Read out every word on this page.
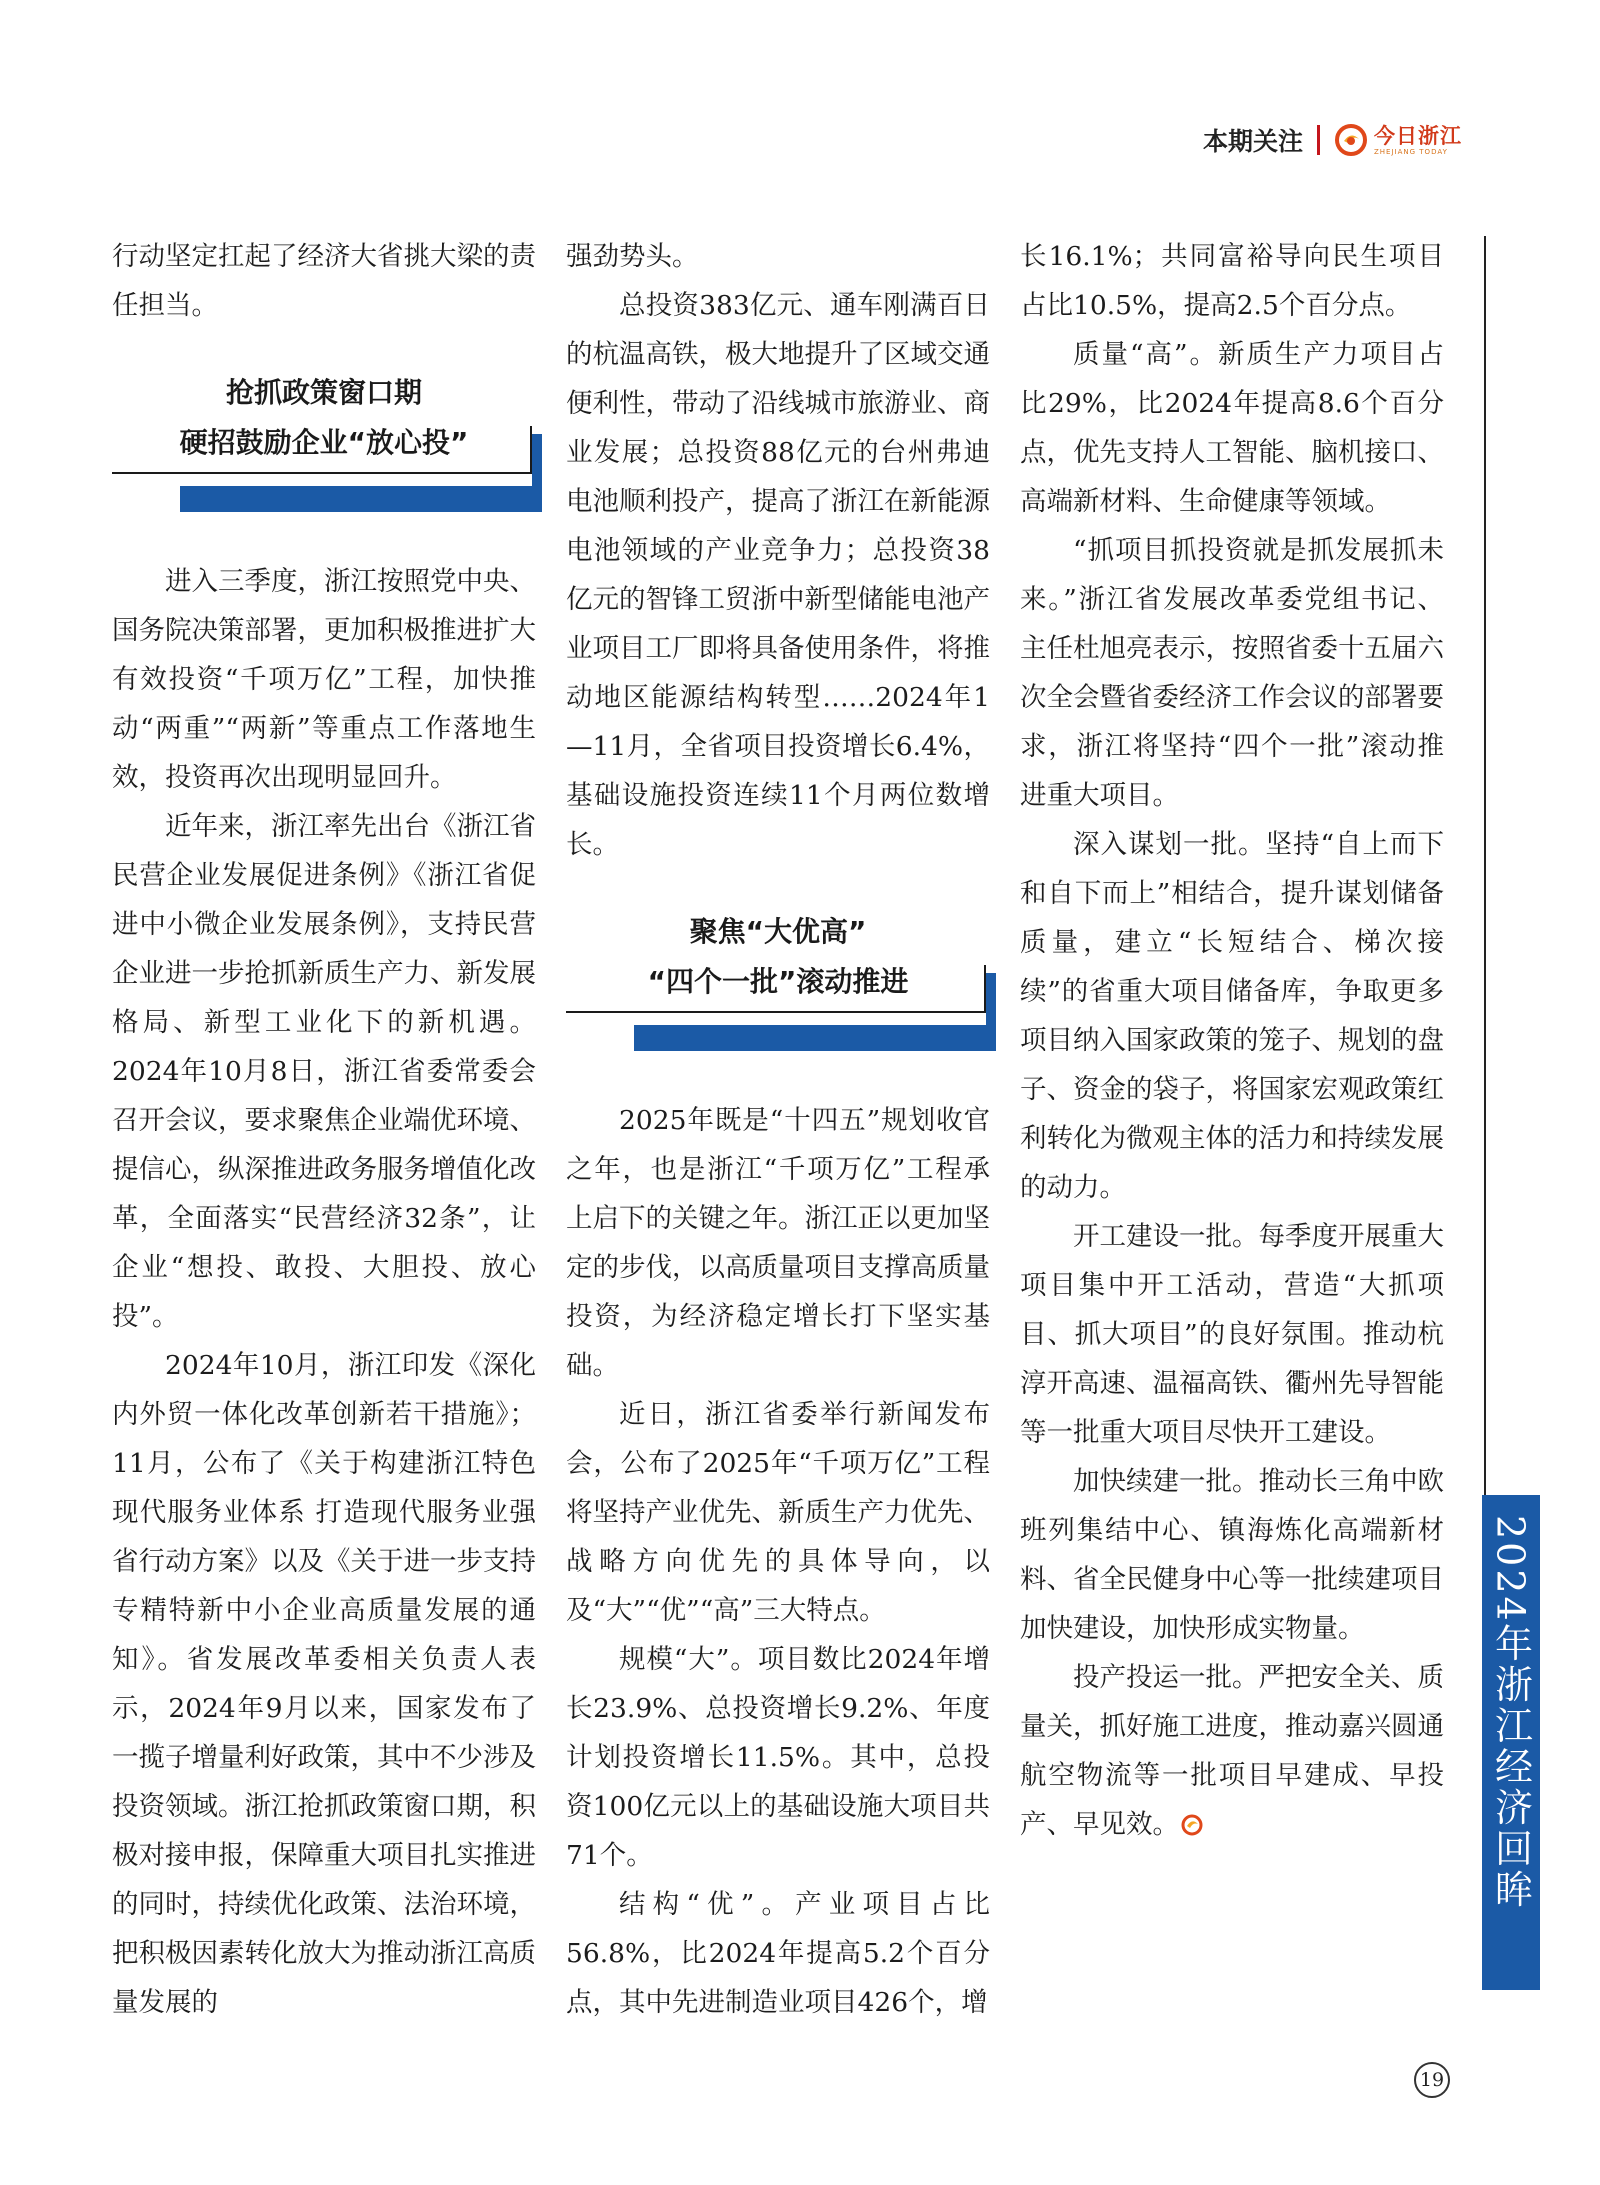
本期关注	今日浙江
ZHEJIANG TODAY

行动坚定扛起了经济大省挑大梁的责任担当。

抢抓政策窗口期
硬招鼓励企业“放心投”

进入三季度，浙江按照党中央、国务院决策部署，更加积极推进扩大有效投资“千项万亿”工程，加快推动“两重”“两新”等重点工作落地生效，投资再次出现明显回升。

近年来，浙江率先出台《浙江省民营企业发展促进条例》《浙江省促进中小微企业发展条例》，支持民营企业进一步抢抓新质生产力、新发展格局、新型工业化下的新机遇。2024年10月8日，浙江省委常委会召开会议，要求聚焦企业端优环境、提信心，纵深推进政务服务增值化改革，全面落实“民营经济32条”，让企业“想投、敢投、大胆投、放心投”。

2024年10月，浙江印发《深化内外贸一体化改革创新若干措施》；11月，公布了《关于构建浙江特色现代服务业体系 打造现代服务业强省行动方案》以及《关于进一步支持专精特新中小企业高质量发展的通知》。省发展改革委相关负责人表示，2024年9月以来，国家发布了一揽子增量利好政策，其中不少涉及投资领域。浙江抢抓政策窗口期，积极对接申报，保障重大项目扎实推进的同时，持续优化政策、法治环境，把积极因素转化放大为推动浙江高质量发展的

强劲势头。

总投资383亿元、通车刚满百日的杭温高铁，极大地提升了区域交通便利性，带动了沿线城市旅游业、商业发展；总投资88亿元的台州弗迪电池顺利投产，提高了浙江在新能源电池领域的产业竞争力；总投资38亿元的智锋工贸浙中新型储能电池产业项目工厂即将具备使用条件，将推动地区能源结构转型……2024年1—11月，全省项目投资增长6.4%，基础设施投资连续11个月两位数增长。

聚焦“大优高”
“四个一批”滚动推进

2025年既是“十四五”规划收官之年，也是浙江“千项万亿”工程承上启下的关键之年。浙江正以更加坚定的步伐，以高质量项目支撑高质量投资，为经济稳定增长打下坚实基础。

近日，浙江省委举行新闻发布会，公布了2025年“千项万亿”工程将坚持产业优先、新质生产力优先、战略方向优先的具体导向，以及“大”“优”“高”三大特点。

规模“大”。项目数比2024年增长23.9%、总投资增长9.2%、年度计划投资增长11.5%。其中，总投资100亿元以上的基础设施大项目共71个。

结构“优”。产业项目占比56.8%，比2024年提高5.2个百分点，其中先进制造业项目426个，增

长16.1%；共同富裕导向民生项目占比10.5%，提高2.5个百分点。

质量“高”。新质生产力项目占比29%，比2024年提高8.6个百分点，优先支持人工智能、脑机接口、高端新材料、生命健康等领域。

“抓项目抓投资就是抓发展抓未来。”浙江省发展改革委党组书记、主任杜旭亮表示，按照省委十五届六次全会暨省委经济工作会议的部署要求，浙江将坚持“四个一批”滚动推进重大项目。

深入谋划一批。坚持“自上而下和自下而上”相结合，提升谋划储备质量，建立“长短结合、梯次接续”的省重大项目储备库，争取更多项目纳入国家政策的笼子、规划的盘子、资金的袋子，将国家宏观政策红利转化为微观主体的活力和持续发展的动力。

开工建设一批。每季度开展重大项目集中开工活动，营造“大抓项目、抓大项目”的良好氛围。推动杭淳开高速、温福高铁、衢州先导智能等一批重大项目尽快开工建设。

加快续建一批。推动长三角中欧班列集结中心、镇海炼化高端新材料、省全民健身中心等一批续建项目加快建设，加快形成实物量。

投产投运一批。严把安全关、质量关，抓好施工进度，推动嘉兴圆通航空物流等一批项目早建成、早投产、早见效。	2024年浙江经济回眸
19
